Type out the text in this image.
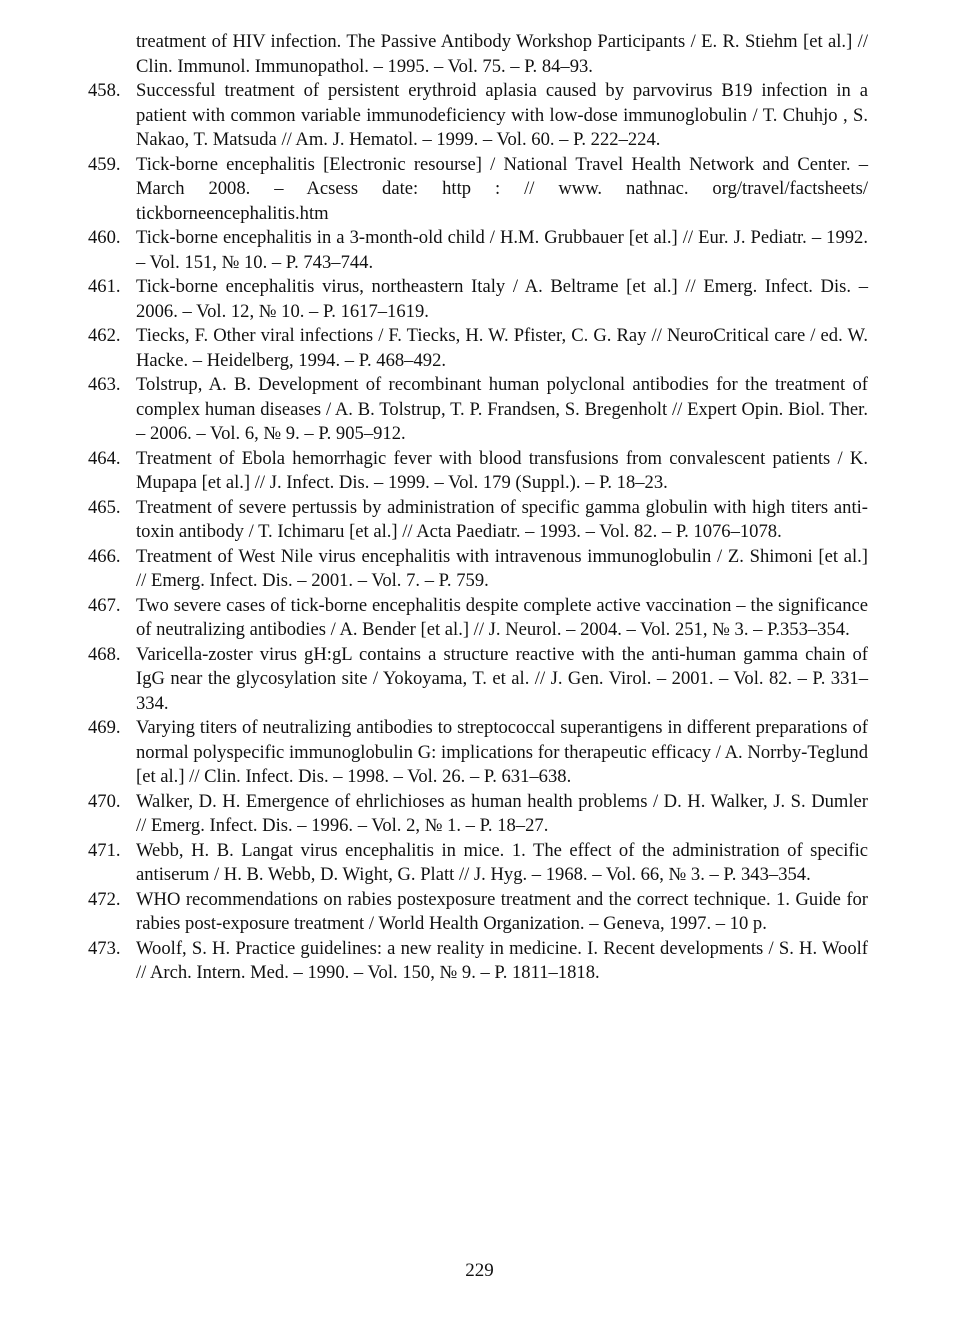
treatment of HIV infection. The Passive Antibody Workshop Participants / E. R. Stiehm [et al.] // Clin. Immunol. Immunopathol. – 1995. – Vol. 75. – P. 84–93.
458. Successful treatment of persistent erythroid aplasia caused by parvovirus B19 infection in a patient with common variable immunodeficiency with low-dose immunoglobulin / T. Chuhjo , S. Nakao, T. Matsuda // Am. J. Hematol. – 1999. – Vol. 60. – P. 222–224.
459. Tick-borne encephalitis [Electronic resourse] / National Travel Health Network and Center. – March 2008. – Acsess date: http : // www. nathnac. org/travel/factsheets/ tickborneencephalitis.htm
460. Tick-borne encephalitis in a 3-month-old child / H.M. Grubbauer [et al.] // Eur. J. Pediatr. – 1992. – Vol. 151, № 10. – P. 743–744.
461. Tick-borne encephalitis virus, northeastern Italy / A. Beltrame [et al.] // Emerg. Infect. Dis. – 2006. – Vol. 12, № 10. – P. 1617–1619.
462. Tiecks, F. Other viral infections / F. Tiecks, H. W. Pfister, C. G. Ray // NeuroCritical care / ed. W. Hacke. – Heidelberg, 1994. – P. 468–492.
463. Tolstrup, A. B. Development of recombinant human polyclonal antibodies for the treatment of complex human diseases / A. B. Tolstrup, T. P. Frandsen, S. Bregenholt // Expert Opin. Biol. Ther. – 2006. – Vol. 6, № 9. – P. 905–912.
464. Treatment of Ebola hemorrhagic fever with blood transfusions from convalescent patients / K. Mupapa [et al.] // J. Infect. Dis. – 1999. – Vol. 179 (Suppl.). – P. 18–23.
465. Treatment of severe pertussis by administration of specific gamma globulin with high titers anti-toxin antibody / T. Ichimaru [et al.] // Acta Paediatr. – 1993. – Vol. 82. – P. 1076–1078.
466. Treatment of West Nile virus encephalitis with intravenous immunoglobulin / Z. Shimoni [et al.] // Emerg. Infect. Dis. – 2001. – Vol. 7. – P. 759.
467. Two severe cases of tick-borne encephalitis despite complete active vaccination – the significance of neutralizing antibodies / A. Bender [et al.] // J. Neurol. – 2004. – Vol. 251, № 3. – P.353–354.
468. Varicella-zoster virus gH:gL contains a structure reactive with the anti-human gamma chain of IgG near the glycosylation site / Yokoyama, T. et al. // J. Gen. Virol. – 2001. – Vol. 82. – P. 331–334.
469. Varying titers of neutralizing antibodies to streptococcal superantigens in different preparations of normal polyspecific immunoglobulin G: implications for therapeutic efficacy / A. Norrby-Teglund [et al.] // Clin. Infect. Dis. – 1998. – Vol. 26. – P. 631–638.
470. Walker, D. H. Emergence of ehrlichioses as human health problems / D. H. Walker, J. S. Dumler // Emerg. Infect. Dis. – 1996. – Vol. 2, № 1. – P. 18–27.
471. Webb, H. B. Langat virus encephalitis in mice. 1. The effect of the administration of specific antiserum / H. B. Webb, D. Wight, G. Platt // J. Hyg. – 1968. – Vol. 66, № 3. – P. 343–354.
472. WHO recommendations on rabies postexposure treatment and the correct technique. 1. Guide for rabies post-exposure treatment / World Health Organization. – Geneva, 1997. – 10 p.
473. Woolf, S. H. Practice guidelines: a new reality in medicine. I. Recent developments / S. H. Woolf // Arch. Intern. Med. – 1990. – Vol. 150, № 9. – P. 1811–1818.
229
